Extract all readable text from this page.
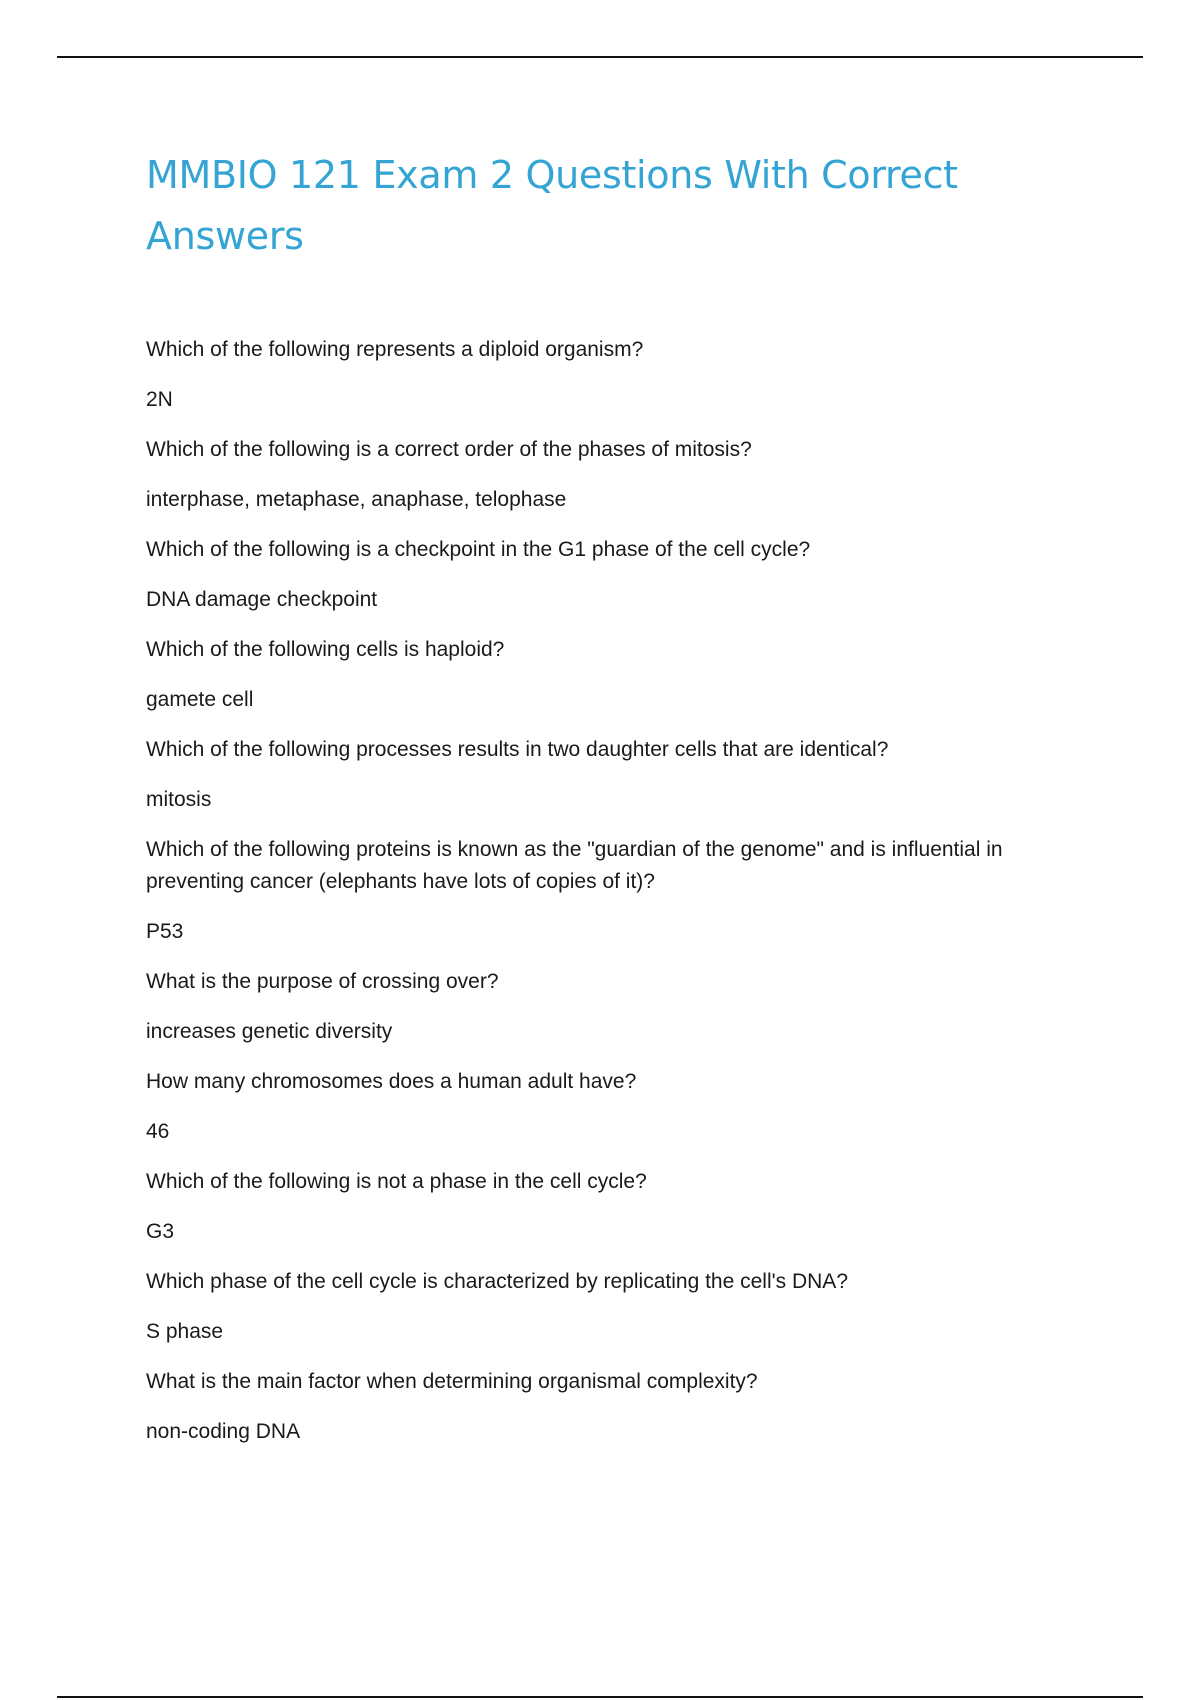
MMBIO 121 Exam 2 Questions With Correct Answers

Which of the following represents a diploid organism?

2N

Which of the following is a correct order of the phases of mitosis?

interphase, metaphase, anaphase, telophase

Which of the following is a checkpoint in the G1 phase of the cell cycle?

DNA damage checkpoint

Which of the following cells is haploid?

gamete cell

Which of the following processes results in two daughter cells that are identical?

mitosis

Which of the following proteins is known as the "guardian of the genome" and is influential in preventing cancer (elephants have lots of copies of it)?

P53

What is the purpose of crossing over?

increases genetic diversity

How many chromosomes does a human adult have?

46

Which of the following is not a phase in the cell cycle?

G3

Which phase of the cell cycle is characterized by replicating the cell's DNA?

S phase

What is the main factor when determining organismal complexity?

non-coding DNA
